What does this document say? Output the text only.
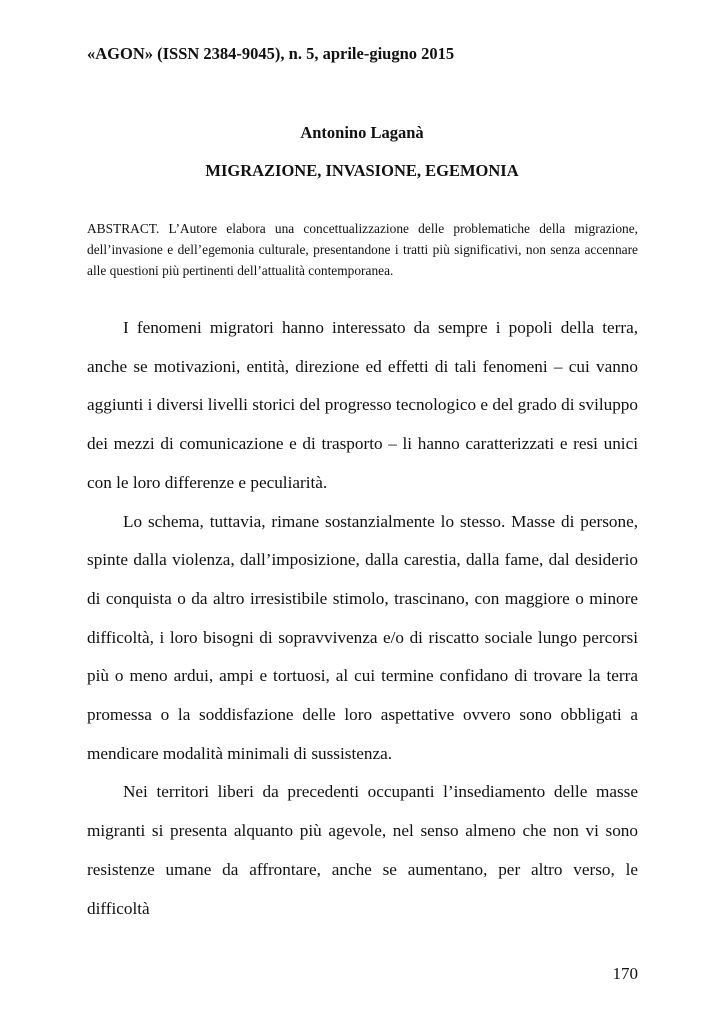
«AGON» (ISSN 2384-9045), n. 5, aprile-giugno 2015
Antonino Laganà
MIGRAZIONE, INVASIONE, EGEMONIA
ABSTRACT. L’Autore elabora una concettualizzazione delle problematiche della migrazione, dell’invasione e dell’egemonia culturale, presentandone i tratti più significativi, non senza accennare alle questioni più pertinenti dell’attualità contemporanea.

I fenomeni migratori hanno interessato da sempre i popoli della terra, anche se motivazioni, entità, direzione ed effetti di tali fenomeni – cui vanno aggiunti i diversi livelli storici del progresso tecnologico e del grado di sviluppo dei mezzi di comunicazione e di trasporto – li hanno caratterizzati e resi unici con le loro differenze e peculiarità.

Lo schema, tuttavia, rimane sostanzialmente lo stesso. Masse di persone, spinte dalla violenza, dall’imposizione, dalla carestia, dalla fame, dal desiderio di conquista o da altro irresistibile stimolo, trascinano, con maggiore o minore difficoltà, i loro bisogni di sopravvivenza e/o di riscatto sociale lungo percorsi più o meno ardui, ampi e tortuosi, al cui termine confidano di trovare la terra promessa o la soddisfazione delle loro aspettative ovvero sono obbligati a mendicare modalità minimali di sussistenza.

Nei territori liberi da precedenti occupanti l’insediamento delle masse migranti si presenta alquanto più agevole, nel senso almeno che non vi sono resistenze umane da affrontare, anche se aumentano, per altro verso, le difficoltà

170
